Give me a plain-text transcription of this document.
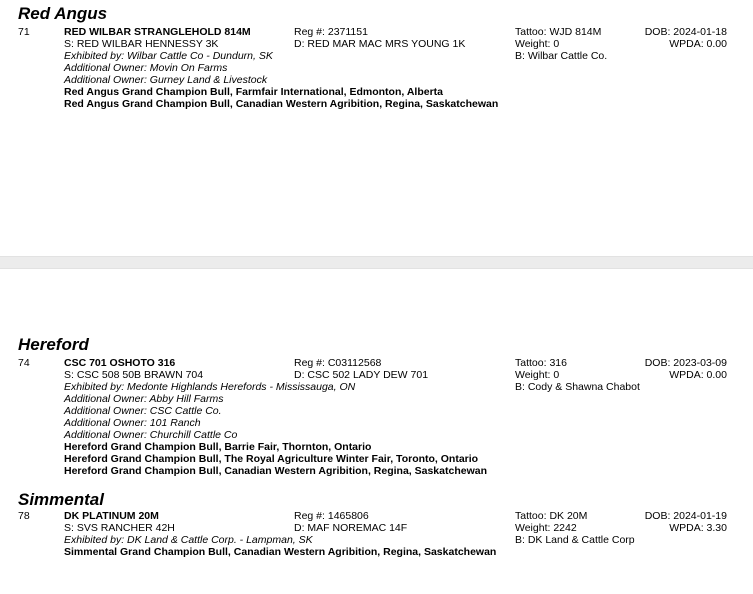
Red Angus
71	RED WILBAR STRANGLEHOLD 814M	Reg #: 2371151	Tattoo: WJD 814M	DOB: 2024-01-18
S: RED WILBAR HENNESSY 3K	D: RED MAR MAC MRS YOUNG 1K	Weight: 0	WPDA: 0.00
Exhibited by: Wilbar Cattle Co - Dundurn, SK	B: Wilbar Cattle Co.
Additional Owner: Movin On Farms
Additional Owner: Gurney Land & Livestock
Red Angus Grand Champion Bull, Farmfair International, Edmonton, Alberta
Red Angus Grand Champion Bull, Canadian Western Agribition, Regina, Saskatchewan
Hereford
74	CSC 701 OSHOTO 316	Reg #: C03112568	Tattoo: 316	DOB: 2023-03-09
S: CSC 508 50B BRAWN 704	D: CSC 502 LADY DEW 701	Weight: 0	WPDA: 0.00
Exhibited by: Medonte Highlands Herefords - Mississauga, ON	B: Cody & Shawna Chabot
Additional Owner: Abby Hill Farms
Additional Owner: CSC Cattle Co.
Additional Owner: 101 Ranch
Additional Owner: Churchill Cattle Co
Hereford Grand Champion Bull, Barrie Fair, Thornton, Ontario
Hereford Grand Champion Bull, The Royal Agriculture Winter Fair, Toronto, Ontario
Hereford Grand Champion Bull, Canadian Western Agribition, Regina, Saskatchewan
Simmental
78	DK PLATINUM 20M	Reg #: 1465806	Tattoo: DK 20M	DOB: 2024-01-19
S: SVS RANCHER 42H	D: MAF NOREMAC 14F	Weight: 2242	WPDA: 3.30
Exhibited by: DK Land & Cattle Corp. - Lampman, SK	B: DK Land & Cattle Corp
Simmental Grand Champion Bull, Canadian Western Agribition, Regina, Saskatchewan
